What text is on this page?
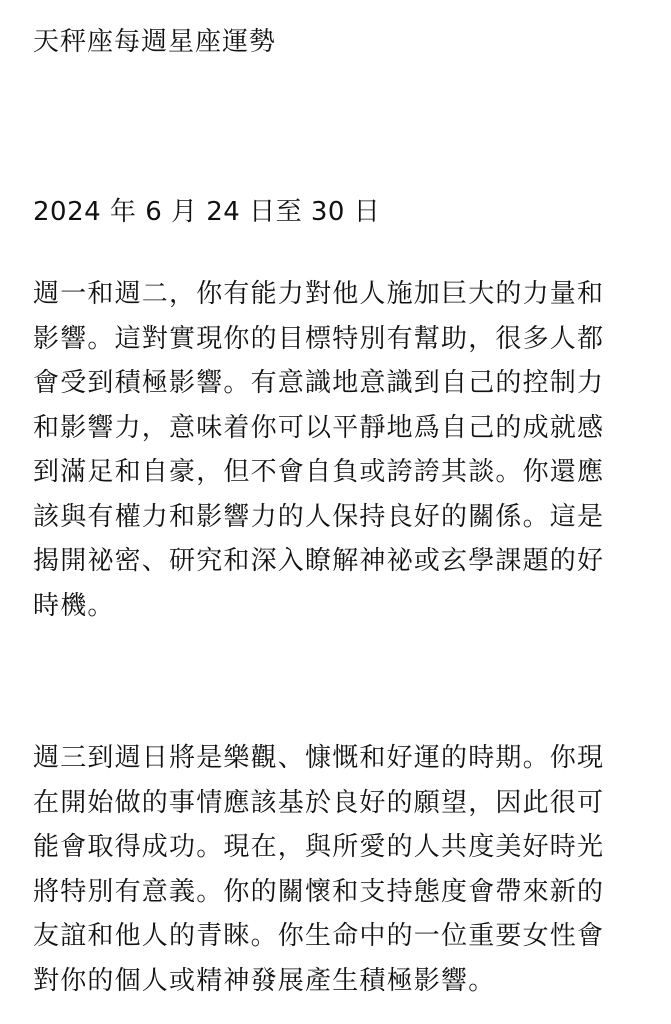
天秤座每週星座運勢
2024 年 6 月 24 日至 30 日
週一和週二，你有能力對他人施加巨大的力量和
影響。這對實現你的目標特別有幫助，很多人都
會受到積極影響。有意識地意識到自己的控制力
和影響力，意味着你可以平靜地爲自己的成就感
到滿足和自豪，但不會自負或誇誇其談。你還應
該與有權力和影響力的人保持良好的關係。這是
揭開祕密、研究和深入瞭解神祕或玄學課題的好
時機。
週三到週日將是樂觀、慷慨和好運的時期。你現
在開始做的事情應該基於良好的願望，因此很可
能會取得成功。現在，與所愛的人共度美好時光
將特別有意義。你的關懷和支持態度會帶來新的
友誼和他人的青睞。你生命中的一位重要女性會
對你的個人或精神發展產生積極影響。
